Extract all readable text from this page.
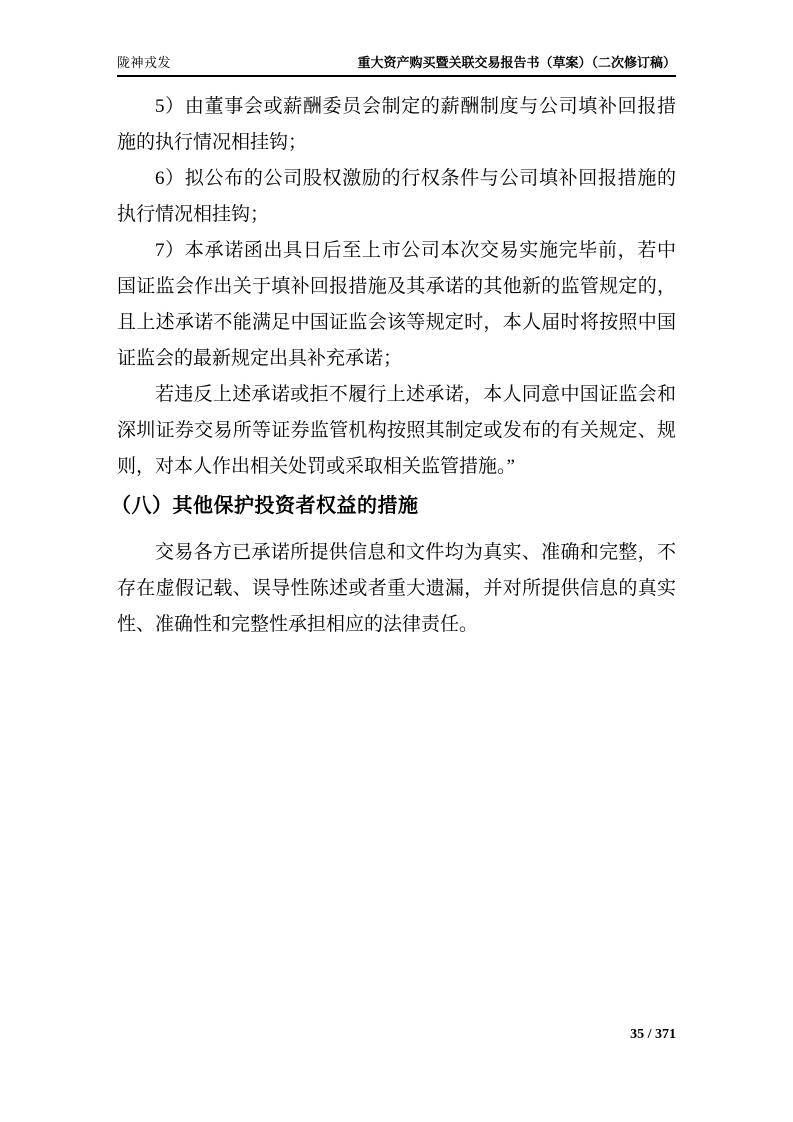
陇神戎发	重大资产购买暨关联交易报告书（草案）（二次修订稿）

5）由董事会或薪酬委员会制定的薪酬制度与公司填补回报措施的执行情况相挂钩；

6）拟公布的公司股权激励的行权条件与公司填补回报措施的执行情况相挂钩；

7）本承诺函出具日后至上市公司本次交易实施完毕前，若中国证监会作出关于填补回报措施及其承诺的其他新的监管规定的，且上述承诺不能满足中国证监会该等规定时，本人届时将按照中国证监会的最新规定出具补充承诺；

若违反上述承诺或拒不履行上述承诺，本人同意中国证监会和深圳证券交易所等证券监管机构按照其制定或发布的有关规定、规则，对本人作出相关处罚或采取相关监管措施。”

（八）其他保护投资者权益的措施

交易各方已承诺所提供信息和文件均为真实、准确和完整，不存在虚假记载、误导性陈述或者重大遗漏，并对所提供信息的真实性、准确性和完整性承担相应的法律责任。

35 / 371
